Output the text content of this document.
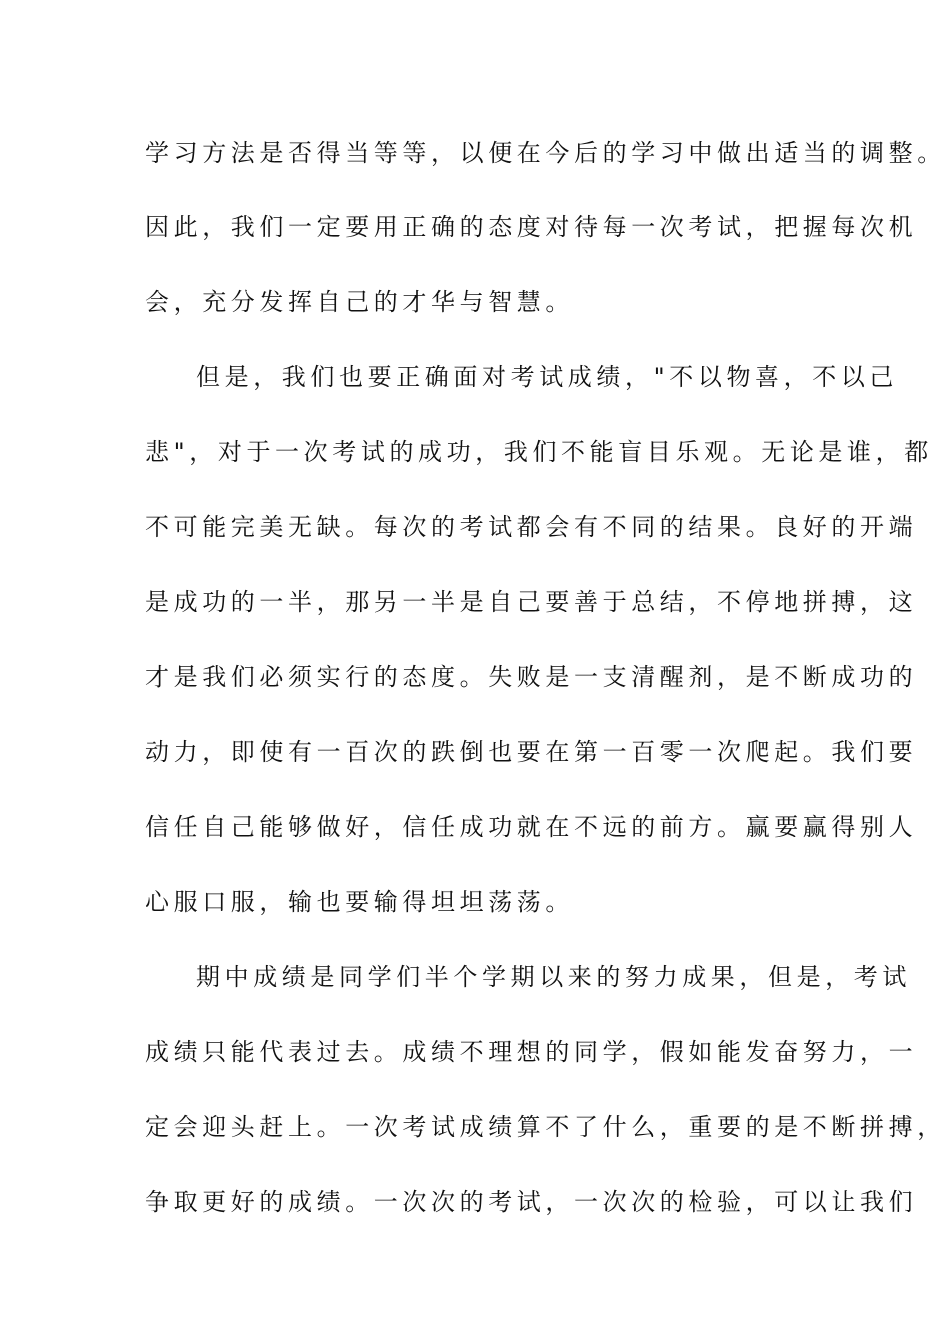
学习方法是否得当等等，以便在今后的学习中做出适当的调整。
因此，我们一定要用正确的态度对待每一次考试，把握每次机
会，充分发挥自己的才华与智慧。
但是，我们也要正确面对考试成绩，"不以物喜，不以己
悲"，对于一次考试的成功，我们不能盲目乐观。无论是谁，都
不可能完美无缺。每次的考试都会有不同的结果。良好的开端
是成功的一半，那另一半是自己要善于总结，不停地拼搏，这
才是我们必须实行的态度。失败是一支清醒剂，是不断成功的
动力，即使有一百次的跌倒也要在第一百零一次爬起。我们要
信任自己能够做好，信任成功就在不远的前方。赢要赢得别人
心服口服，输也要输得坦坦荡荡。
期中成绩是同学们半个学期以来的努力成果，但是，考试
成绩只能代表过去。成绩不理想的同学，假如能发奋努力，一
定会迎头赶上。一次考试成绩算不了什么，重要的是不断拼搏，
争取更好的成绩。一次次的考试，一次次的检验，可以让我们
